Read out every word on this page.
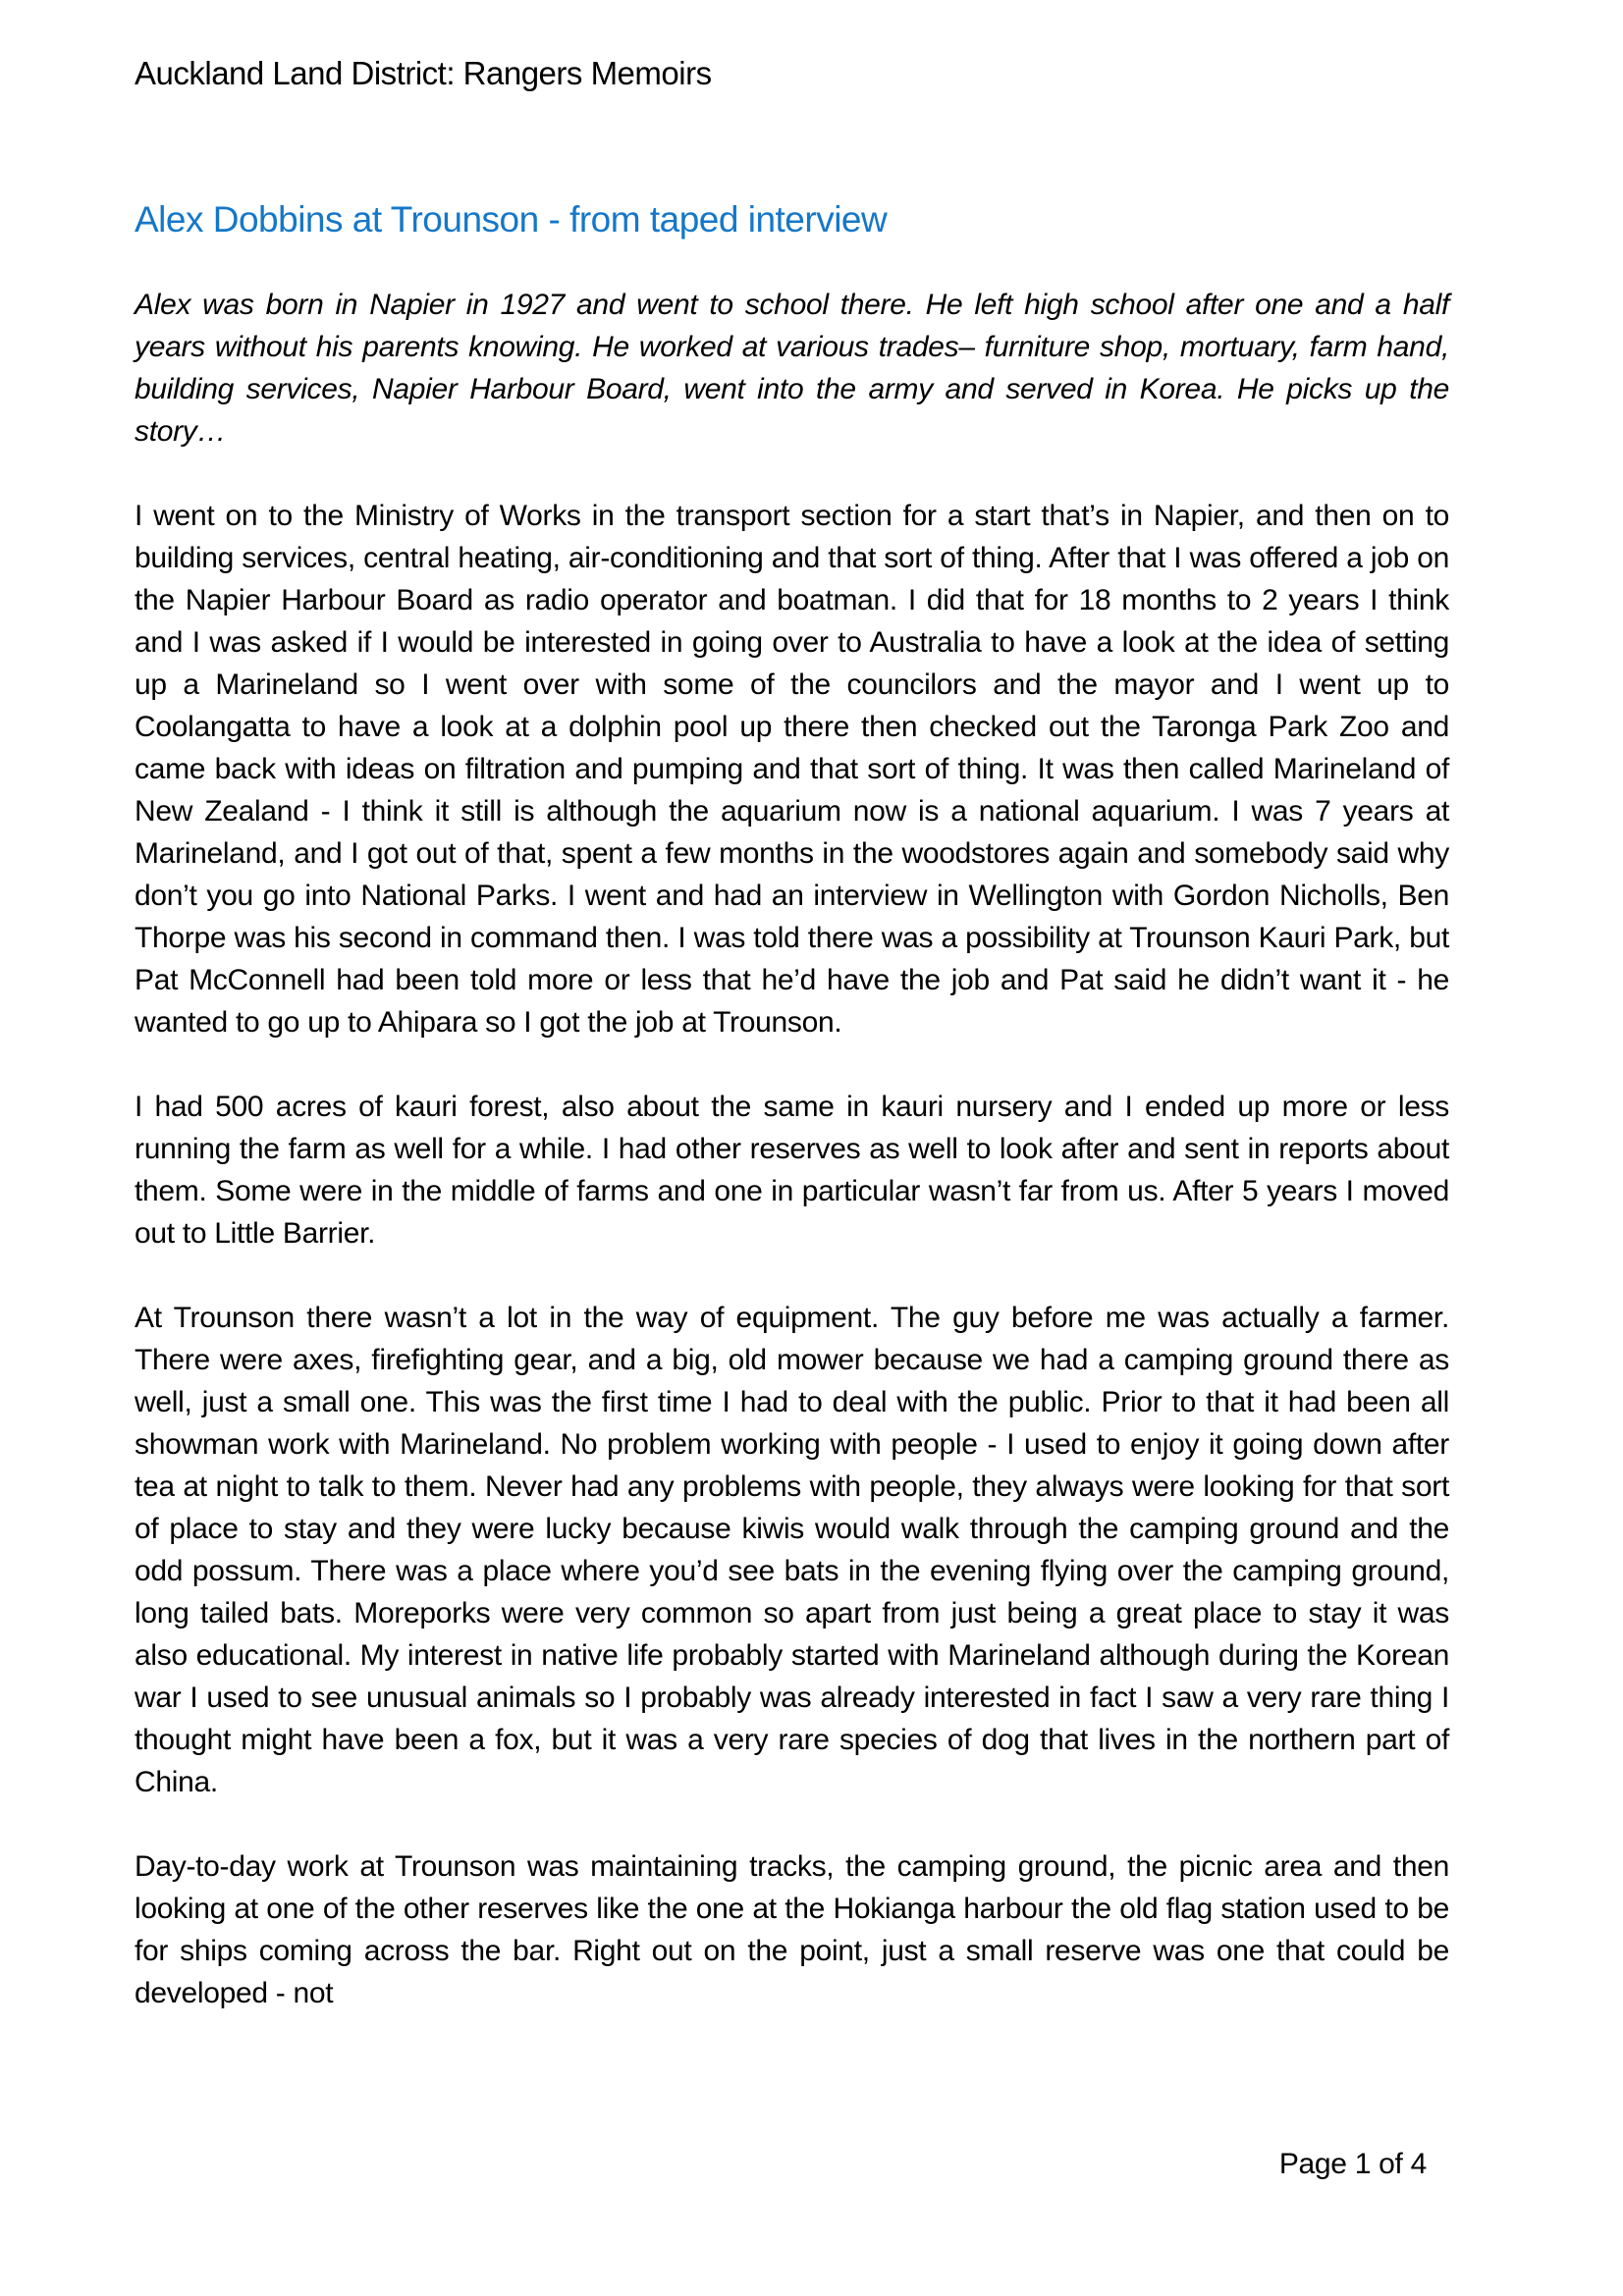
Auckland Land District: Rangers Memoirs
Alex Dobbins at Trounson - from taped interview

Alex was born in Napier in 1927 and went to school there. He left high school after one and a half years without his parents knowing. He worked at various trades– furniture shop, mortuary, farm hand, building services, Napier Harbour Board, went into the army and served in Korea. He picks up the story…

I went on to the Ministry of Works in the transport section for a start that’s in Napier, and then on to building services, central heating, air-conditioning and that sort of thing. After that I was offered a job on the Napier Harbour Board as radio operator and boatman. I did that for 18 months to 2 years I think and I was asked if I would be interested in going over to Australia to have a look at the idea of setting up a Marineland so I went over with some of the councilors and the mayor and I went up to Coolangatta to have a look at a dolphin pool up there then checked out the Taronga Park Zoo and came back with ideas on filtration and pumping and that sort of thing. It was then called Marineland of New Zealand - I think it still is although the aquarium now is a national aquarium. I was 7 years at Marineland, and I got out of that, spent a few months in the woodstores again and somebody said why don’t you go into National Parks. I went and had an interview in Wellington with Gordon Nicholls, Ben Thorpe was his second in command then. I was told there was a possibility at Trounson Kauri Park, but Pat McConnell had been told more or less that he’d have the job and Pat said he didn’t want it - he wanted to go up to Ahipara so I got the job at Trounson.

I had 500 acres of kauri forest, also about the same in kauri nursery and I ended up more or less running the farm as well for a while. I had other reserves as well to look after and sent in reports about them. Some were in the middle of farms and one in particular wasn’t far from us. After 5 years I moved out to Little Barrier.

At Trounson there wasn’t a lot in the way of equipment. The guy before me was actually a farmer. There were axes, firefighting gear, and a big, old mower because we had a camping ground there as well, just a small one. This was the first time I had to deal with the public. Prior to that it had been all showman work with Marineland. No problem working with people - I used to enjoy it going down after tea at night to talk to them. Never had any problems with people, they always were looking for that sort of place to stay and they were lucky because kiwis would walk through the camping ground and the odd possum. There was a place where you’d see bats in the evening flying over the camping ground, long tailed bats. Moreporks were very common so apart from just being a great place to stay it was also educational. My interest in native life probably started with Marineland although during the Korean war I used to see unusual animals so I probably was already interested in fact I saw a very rare thing I thought might have been a fox, but it was a very rare species of dog that lives in the northern part of China.

Day-to-day work at Trounson was maintaining tracks, the camping ground, the picnic area and then looking at one of the other reserves like the one at the Hokianga harbour the old flag station used to be for ships coming across the bar. Right out on the point, just a small reserve was one that could be developed - not

Page 1 of 4
